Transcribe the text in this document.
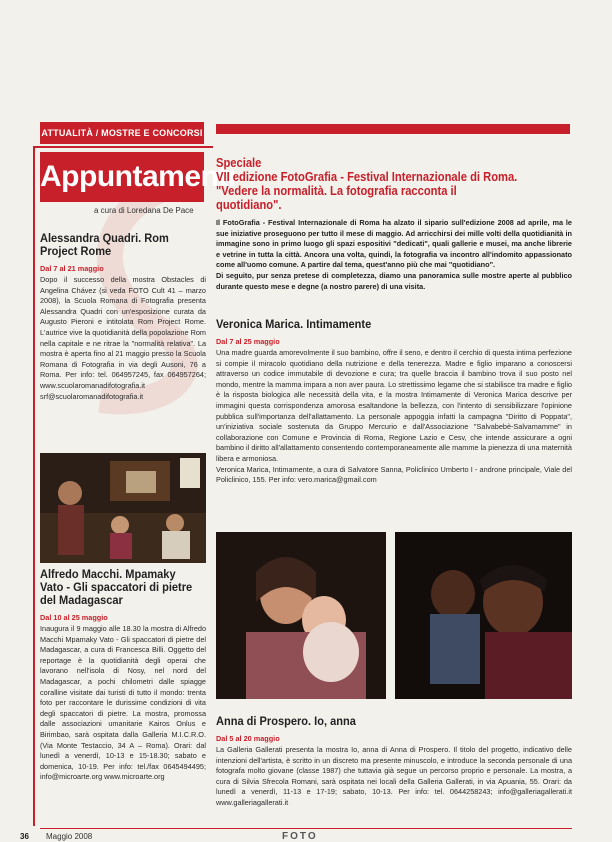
ATTUALITÀ / MOSTRE E CONCORSI
Appuntamenti
a cura di Loredana De Pace
Alessandra Quadri. Rom Project Rome
Dal 7 al 21 maggio
Dopo il successo della mostra Obstacles di Angelina Chávez (si veda FOTO Cult 41 – marzo 2008), la Scuola Romana di Fotografia presenta Alessandra Quadri con un'esposizione curata da Augusto Pieroni e intitolata Rom Project Rome. L'autrice vive la quotidianità della popolazione Rom nella capitale e ne ritrae la "normalità relativa". La mostra è aperta fino al 21 maggio presso la Scuola Romana di Fotografia in via degli Ausoni, 76 a Roma. Per info: tel. 064957245, fax 064957264; www.scuolaromanadifotografia.it srf@scuolaromanadifotografia.it
Alfredo Macchi. Mpamaky Vato - Gli spaccatori di pietre del Madagascar
Dal 10 al 25 maggio
Inaugura il 9 maggio alle 18.30 la mostra di Alfredo Macchi Mpamaky Vato - Gli spaccatori di pietre del Madagascar, a cura di Francesca Billi. Oggetto del reportage è la quotidianità degli operai che lavorano nell'isola di Nosy, nel nord del Madagascar, a pochi chilometri dalle spiagge coralline visitate dai turisti di tutto il mondo: trenta foto per raccontare le durissime condizioni di vita degli spaccatori di pietre. La mostra, promossa dalle associazioni umanitarie Kairos Onlus e Birimbao, sarà ospitata dalla Galleria M.I.C.R.O. (Via Monte Testaccio, 34 A – Roma). Orari: dal lunedì a venerdì, 10-13 e 15-18.30; sabato e domenica, 10-19. Per info: tel./fax 0645494495; info@microarte.org www.microarte.org
Speciale
VII edizione FotoGrafia - Festival Internazionale di Roma.
"Vedere la normalità. La fotografia racconta il quotidiano".
Il FotoGrafia - Festival Internazionale di Roma ha alzato il sipario sull'edizione 2008 ad aprile, ma le sue iniziative proseguono per tutto il mese di maggio. Ad arricchirsi dei mille volti della quotidianità in immagine sono in primo luogo gli spazi espositivi "dedicati", quali gallerie e musei, ma anche librerie e vetrine in tutta la città. Ancora una volta, quindi, la fotografia va incontro all'indomito appassionato come all'uomo comune. A partire dal tema, quest'anno più che mai "quotidiano".
Di seguito, pur senza pretese di completezza, diamo una panoramica sulle mostre aperte al pubblico durante questo mese e degne (a nostro parere) di una visita.
Veronica Marica. Intimamente
Dal 7 al 25 maggio
Una madre guarda amorevolmente il suo bambino, offre il seno, e dentro il cerchio di questa intima perfezione si compie il miracolo quotidiano della nutrizione e della tenerezza. Madre e figlio imparano a conoscersi attraverso un codice immutabile di devozione e cura; tra quelle braccia il bambino trova il suo posto nel mondo, mentre la mamma impara a non aver paura. Lo strettissimo legame che si stabilisce tra madre e figlio è la risposta biologica alle necessità della vita, e la mostra Intimamente di Veronica Marica descrive per immagini questa corrispondenza amorosa esaltandone la bellezza, con l'intento di sensibilizzare l'opinione pubblica sull'importanza dell'allattamento. La personale appoggia infatti la campagna "Diritto di Poppata", un'iniziativa sociale sostenuta da Gruppo Mercurio e dall'Associazione "Salvabebè-Salvamamme" in collaborazione con Comune e Provincia di Roma, Regione Lazio e Cesv, che intende assicurare a ogni bambino il diritto all'allattamento consentendo contemporaneamente alle mamme la pienezza di una maternità libera e armoniosa.
Veronica Marica, Intimamente, a cura di Salvatore Sanna, Policlinico Umberto I - androne principale, Viale del Policlinico, 155. Per info: vero.marica@gmail.com
Anna di Prospero. Io, anna
Dal 5 al 20 maggio
La Galleria Gallerati presenta la mostra Io, anna di Anna di Prospero. Il titolo del progetto, indicativo delle intenzioni dell'artista, è scritto in un discreto ma presente minuscolo, e introduce la seconda personale di una fotografa molto giovane (classe 1987) che tuttavia già segue un percorso proprio e personale. La mostra, a cura di Silvia Sfrecola Romani, sarà ospitata nei locali della Galleria Gallerati, in via Apuania, 55. Orari: da lunedì a venerdì, 11-13 e 17-19; sabato, 10-13. Per info: tel. 0644258243; info@galleriagallerati.it www.galleriagallerati.it
36 Maggio 2008	FOTO
